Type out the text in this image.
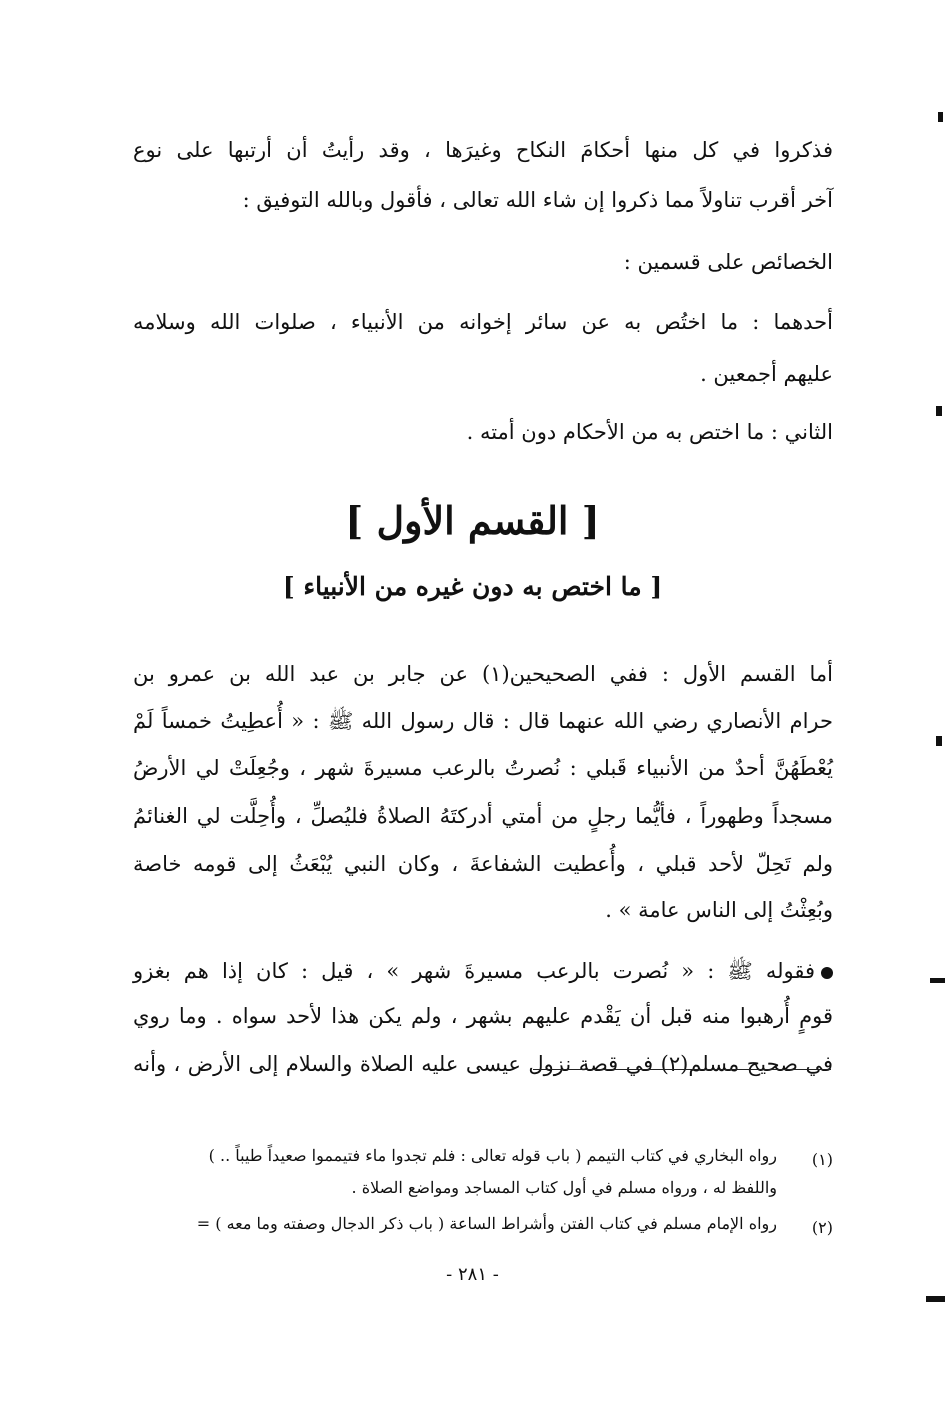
فذكروا في كل منها أحكامَ النكاح وغيرَها ، وقد رأيتُ أن أرتبها على نوع
آخر أقرب تناولاً مما ذكروا إن شاء الله تعالى ، فأقول وبالله التوفيق :
الخصائص على قسمين :
أحدهما : ما اختُص به عن سائر إخوانه من الأنبياء ، صلوات الله وسلامه
عليهم أجمعين .
الثاني : ما اختص به من الأحكام دون أمته .
[ القسم الأول ]
[ ما اختص به دون غيره من الأنبياء ]
أما القسم الأول : ففي الصحيحين(١) عن جابر بن عبد الله بن عمرو بن
حرام الأنصاري رضي الله عنهما قال : قال رسول الله ﷺ : « أُعطِيتُ خمساً لَمْ
يُعْطَهُنَّ أحدٌ من الأنبياء قَبلي : نُصرتُ بالرعب مسيرةَ شهر ، وجُعِلَتْ لي الأرضُ
مسجداً وطهوراً ، فأيُّما رجلٍ من أمتي أدركتَهُ الصلاةُ فليُصلِّ ، وأُحِلَّت لي الغنائمُ
ولم تَحِلّ لأحد قبلي ، وأُعطيت الشفاعةَ ، وكان النبي يُبْعَثُ إلى قومه خاصة
وبُعِثْتُ إلى الناس عامة » .
فقوله ﷺ : « نُصرت بالرعب مسيرةَ شهر » ، قيل : كان إذا هم بغزو
قومٍ أُرهبوا منه قبل أن يَقْدم عليهم بشهر ، ولم يكن هذا لأحد سواه . وما روي
في صحيح مسلم(٢) في قصة نزول عيسى عليه الصلاة والسلام إلى الأرض ، وأنه
(١)
رواه البخاري في كتاب التيمم ( باب قوله تعالى : فلم تجدوا ماء فتيمموا صعيداً طيباً .. )
واللفظ له ، ورواه مسلم في أول كتاب المساجد ومواضع الصلاة .
(٢)
رواه الإمام مسلم في كتاب الفتن وأشراط الساعة ( باب ذكر الدجال وصفته وما معه ) =
- ٢٨١ -
